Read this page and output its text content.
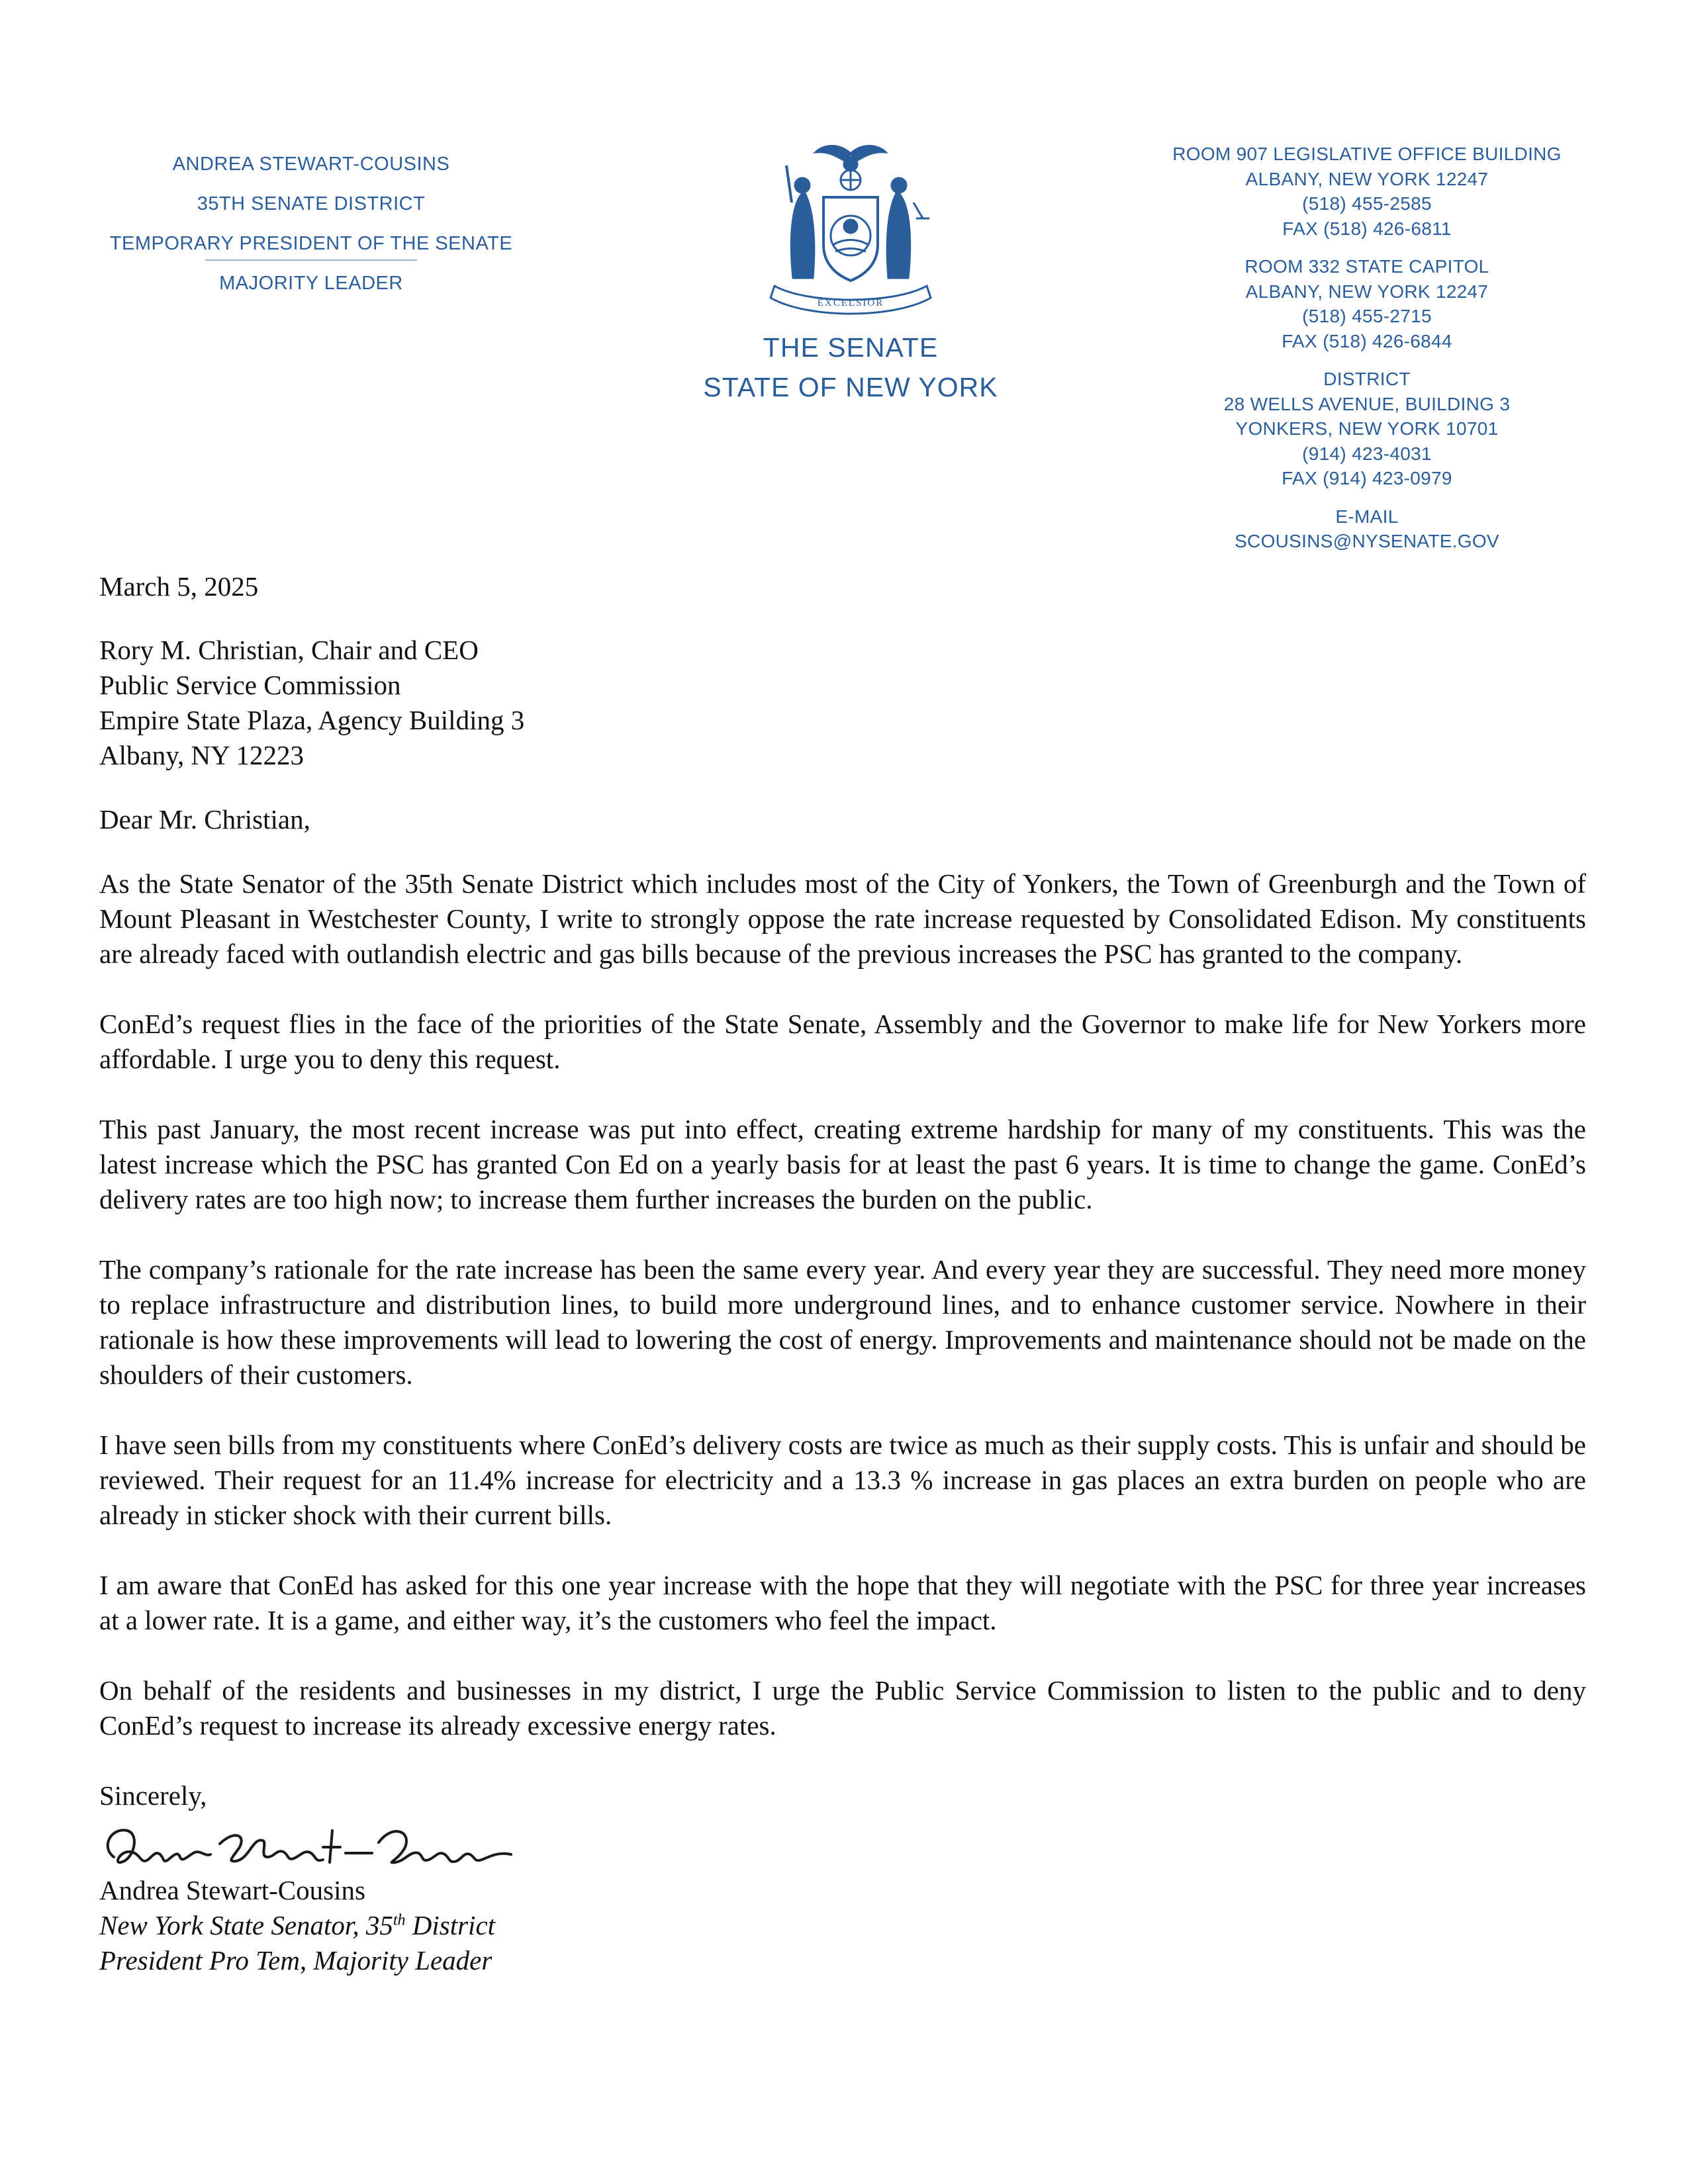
ANDREA STEWART-COUSINS
35TH SENATE DISTRICT
TEMPORARY PRESIDENT OF THE SENATE
MAJORITY LEADER
EXCELSIOR
THE SENATE
STATE OF NEW YORK
ROOM 907 LEGISLATIVE OFFICE BUILDING
ALBANY, NEW YORK 12247
(518) 455-2585
FAX (518) 426-6811
ROOM 332 STATE CAPITOL
ALBANY, NEW YORK 12247
(518) 455-2715
FAX (518) 426-6844
DISTRICT
28 WELLS AVENUE, BUILDING 3
YONKERS, NEW YORK 10701
(914) 423-4031
FAX (914) 423-0979
E-MAIL
SCOUSINS@NYSENATE.GOV
March 5, 2025
Rory M. Christian, Chair and CEO
Public Service Commission
Empire State Plaza, Agency Building 3
Albany, NY 12223
Dear Mr. Christian,

As the State Senator of the 35th Senate District which includes most of the City of Yonkers, the Town of Greenburgh and the Town of Mount Pleasant in Westchester County, I write to strongly oppose the rate increase requested by Consolidated Edison. My constituents are already faced with outlandish electric and gas bills because of the previous increases the PSC has granted to the company.

ConEd’s request flies in the face of the priorities of the State Senate, Assembly and the Governor to make life for New Yorkers more affordable. I urge you to deny this request.

This past January, the most recent increase was put into effect, creating extreme hardship for many of my constituents. This was the latest increase which the PSC has granted Con Ed on a yearly basis for at least the past 6 years. It is time to change the game. ConEd’s delivery rates are too high now; to increase them further increases the burden on the public.

The company’s rationale for the rate increase has been the same every year. And every year they are successful. They need more money to replace infrastructure and distribution lines, to build more underground lines, and to enhance customer service. Nowhere in their rationale is how these improvements will lead to lowering the cost of energy. Improvements and maintenance should not be made on the shoulders of their customers.

I have seen bills from my constituents where ConEd’s delivery costs are twice as much as their supply costs. This is unfair and should be reviewed. Their request for an 11.4% increase for electricity and a 13.3 % increase in gas places an extra burden on people who are already in sticker shock with their current bills.

I am aware that ConEd has asked for this one year increase with the hope that they will negotiate with the PSC for three year increases at a lower rate. It is a game, and either way, it’s the customers who feel the impact.

On behalf of the residents and businesses in my district, I urge the Public Service Commission to listen to the public and to deny ConEd’s request to increase its already excessive energy rates.

Sincerely,
Andrea Stewart-Cousins
New York State Senator, 35th District
President Pro Tem, Majority Leader
